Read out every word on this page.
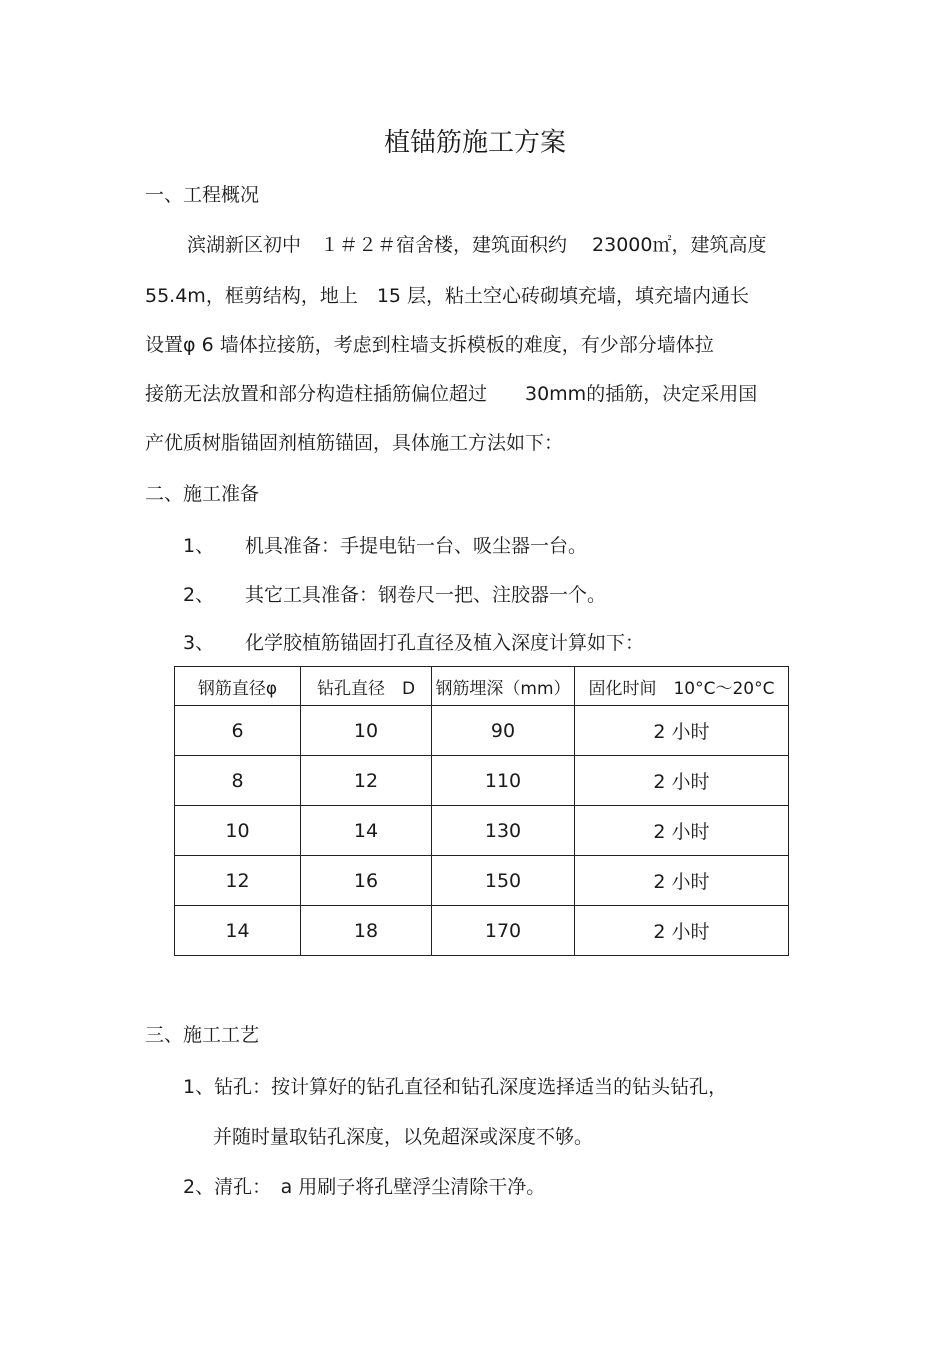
植锚筋施工方案
一、工程概况
滨湖新区初中　１＃２＃宿舍楼，建筑面积约　 23000㎡，建筑高度
55.4m，框剪结构，地上　15 层，粘土空心砖砌填充墙，填充墙内通长
设置φ 6 墙体拉接筋，考虑到柱墙支拆模板的难度，有少部分墙体拉
接筋无法放置和部分构造柱插筋偏位超过　　30mm的插筋，决定采用国
产优质树脂锚固剂植筋锚固，具体施工方法如下：
二、施工准备
1、 机具准备：手提电钻一台、吸尘器一台。
2、 其它工具准备：钢卷尺一把、注胶器一个。
3、 化学胶植筋锚固打孔直径及植入深度计算如下：
钢筋直径φ	钻孔直径　D	钢筋埋深（mm）	固化时间　10°C～20°C
6	10	90	2 小时
8	12	110	2 小时
10	14	130	2 小时
12	16	150	2 小时
14	18	170	2 小时
三、施工工艺
1、钻孔：按计算好的钻孔直径和钻孔深度选择适当的钻头钻孔，
并随时量取钻孔深度，以免超深或深度不够。
2、清孔：　a 用刷子将孔壁浮尘清除干净。
